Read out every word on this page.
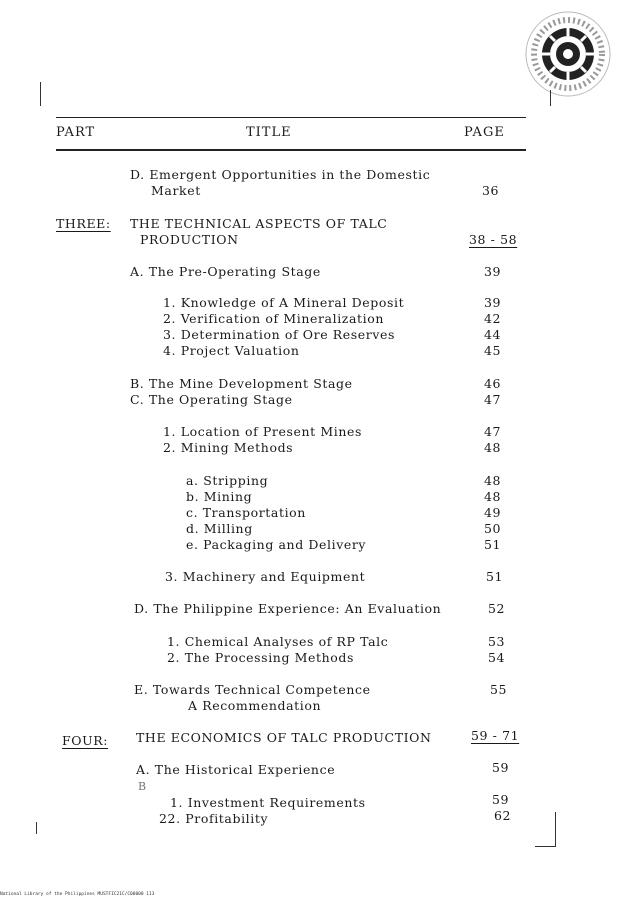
PART	TITLE	PAGE
D. Emergent Opportunities in the Domestic
Market	36
THREE: THE TECHNICAL ASPECTS OF TALC
PRODUCTION	38 - 58
A. The Pre-Operating Stage	39
1. Knowledge of A Mineral Deposit	39
2. Verification of Mineralization	42
3. Determination of Ore Reserves	44
4. Project Valuation	45
B. The Mine Development Stage	46
C. The Operating Stage	47
1. Location of Present Mines	47
2. Mining Methods	48
a. Stripping	48
b. Mining	48
c. Transportation	49
d. Milling	50
e. Packaging and Delivery	51
3. Machinery and Equipment	51
D. The Philippine Experience: An Evaluation	52
1. Chemical Analyses of RP Talc	53
2. The Processing Methods	54
E. Towards Technical Competence	55
A Recommendation
FOUR: THE ECONOMICS OF TALC PRODUCTION	59 - 71
A. The Historical Experience	59
B
1. Investment Requirements	59
22. Profitability	62
National Library of the Philippines MUSTFIC21C/C00000 113
